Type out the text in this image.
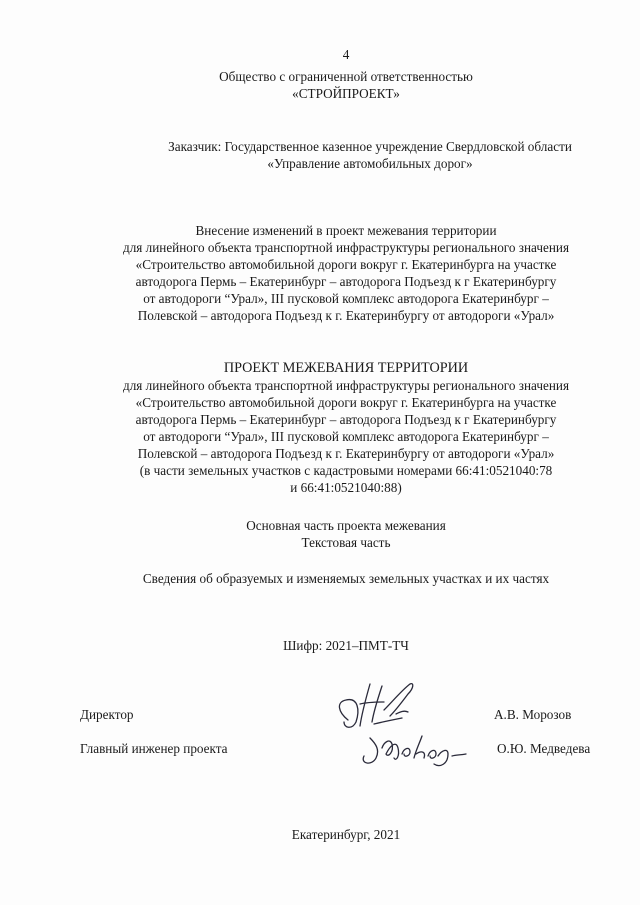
4
Общество с ограниченной ответственностью
«СТРОЙПРОЕКТ»
Заказчик: Государственное казенное учреждение Свердловской области
«Управление автомобильных дорог»
Внесение изменений в проект межевания территории
для линейного объекта транспортной инфраструктуры регионального значения
«Строительство автомобильной дороги вокруг г. Екатеринбурга на участке
автодорога Пермь – Екатеринбург – автодорога Подъезд к г Екатеринбургу
от автодороги “Урал», III пусковой комплекс автодорога Екатеринбург –
Полевской – автодорога Подъезд к г. Екатеринбургу от автодороги «Урал»
ПРОЕКТ МЕЖЕВАНИЯ ТЕРРИТОРИИ
для линейного объекта транспортной инфраструктуры регионального значения
«Строительство автомобильной дороги вокруг г. Екатеринбурга на участке
автодорога Пермь – Екатеринбург – автодорога Подъезд к г Екатеринбургу
от автодороги “Урал», III пусковой комплекс автодорога Екатеринбург –
Полевской – автодорога Подъезд к г. Екатеринбургу от автодороги «Урал»
(в части земельных участков с кадастровыми номерами 66:41:0521040:78
и 66:41:0521040:88)
Основная часть проекта межевания
Текстовая часть
Сведения об образуемых и изменяемых земельных участках и их частях
Шифр: 2021–ПМТ-ТЧ
Директор	А.В. Морозов
Главный инженер проекта	О.Ю. Медведева
Екатеринбург, 2021
